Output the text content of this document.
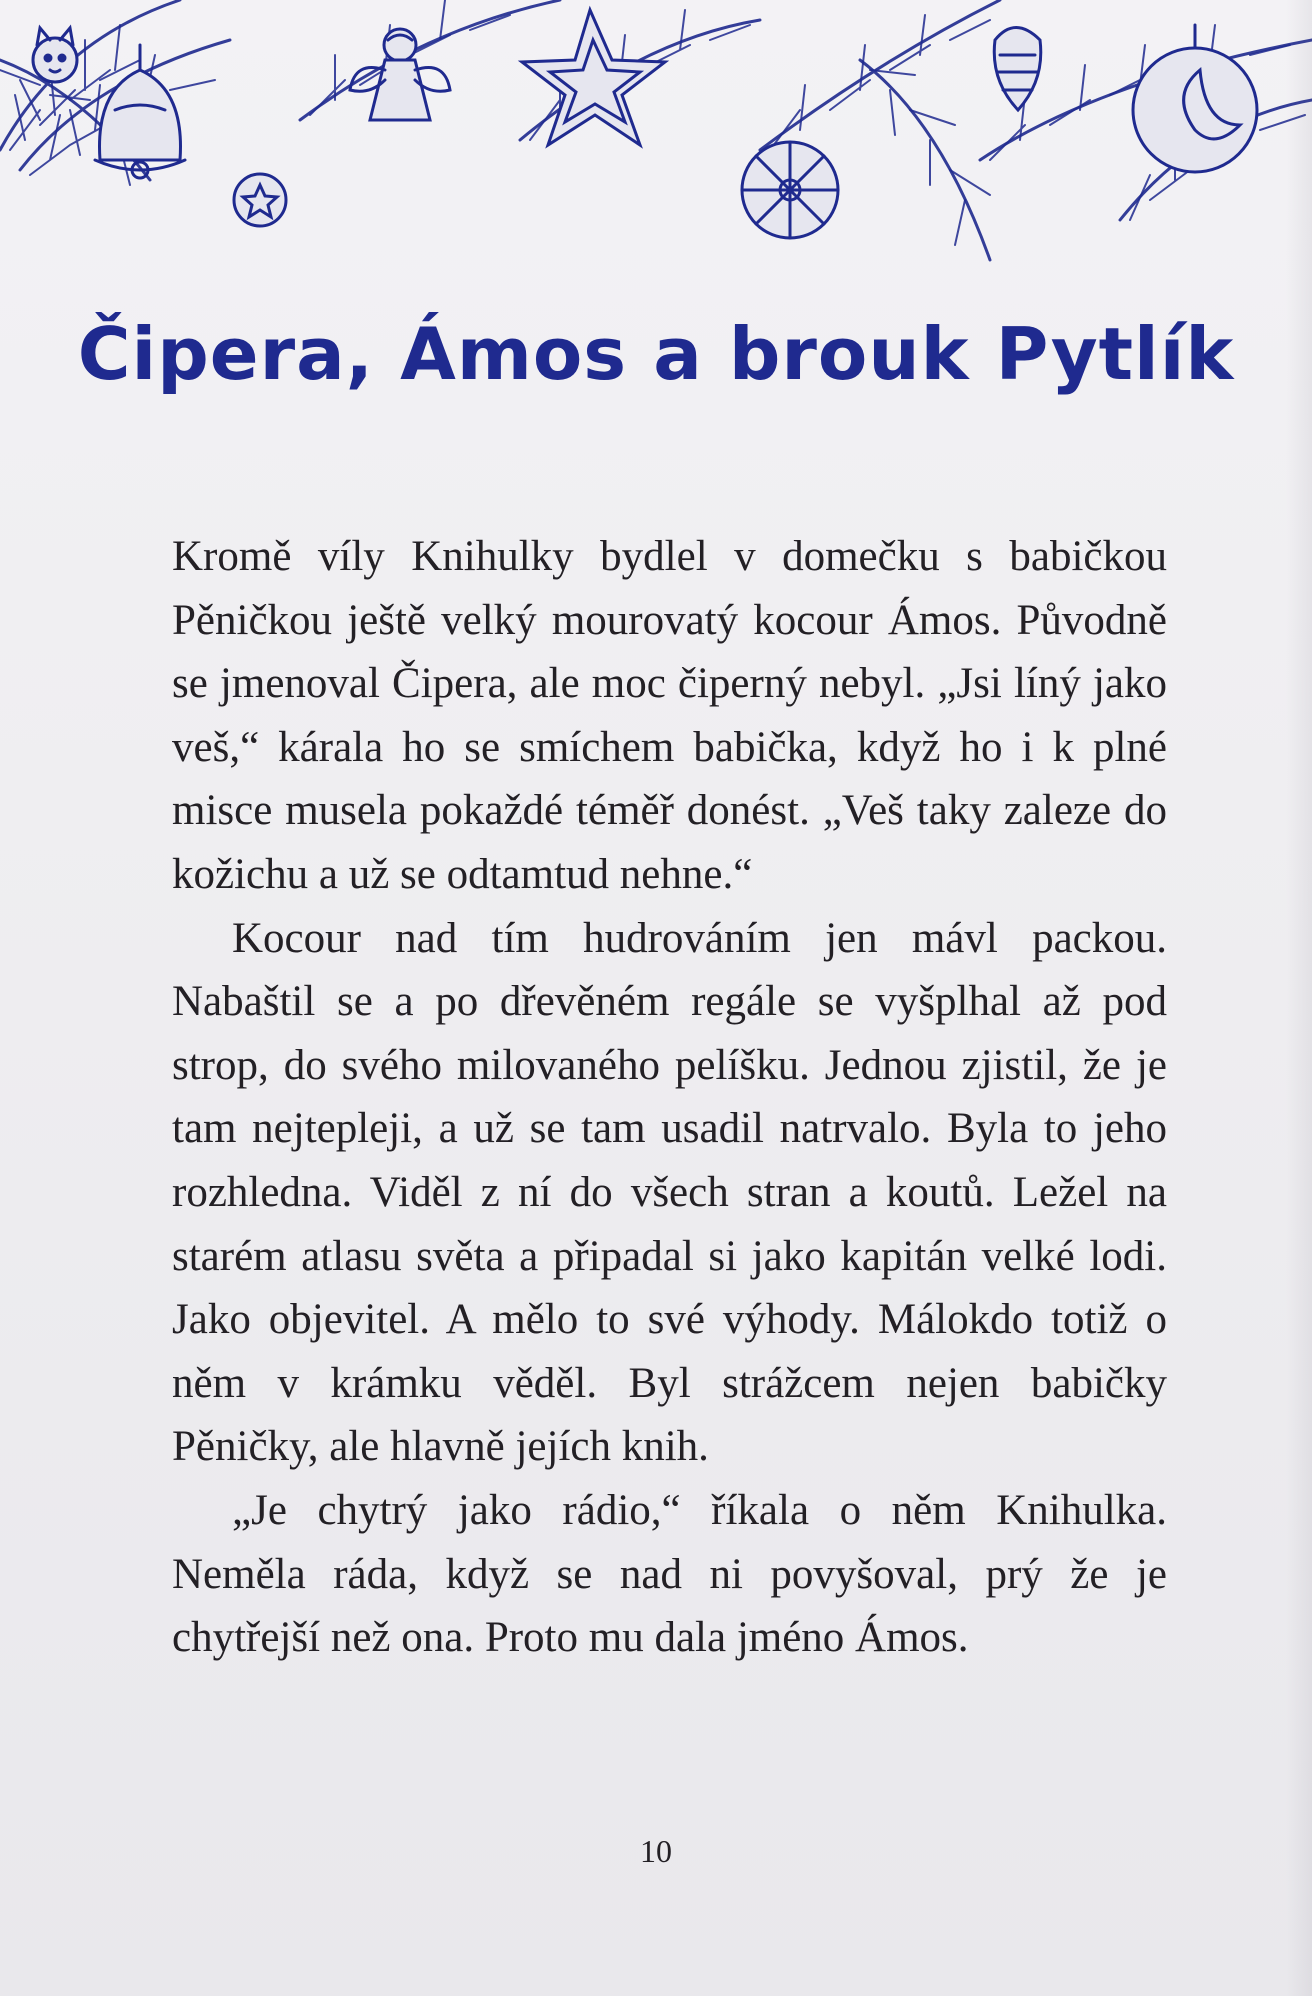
Čipera, Ámos a brouk Pytlík

Kromě víly Knihulky bydlel v domečku s babičkou Pěničkou ještě velký mourovatý kocour Ámos. Původně se jmenoval Čipera, ale moc čiperný nebyl. „Jsi líný jako veš,“ kárala ho se smíchem babička, když ho i k plné misce musela pokaždé téměř donést. „Veš taky zaleze do kožichu a už se odtamtud nehne.“

Kocour nad tím hudrováním jen mávl packou. Nabaštil se a po dřevěném regále se vyšplhal až pod strop, do svého milovaného pelíšku. Jednou zjistil, že je tam nejtepleji, a už se tam usadil natrvalo. Byla to jeho rozhledna. Viděl z ní do všech stran a koutů. Ležel na starém atlasu světa a připadal si jako kapitán velké lodi. Jako objevitel. A mělo to své výhody. Málokdo totiž o něm v krámku věděl. Byl strážcem nejen babičky Pěničky, ale hlavně jejích knih.

„Je chytrý jako rádio,“ říkala o něm Knihulka. Neměla ráda, když se nad ni povyšoval, prý že je chytřejší než ona. Proto mu dala jméno Ámos.

10
